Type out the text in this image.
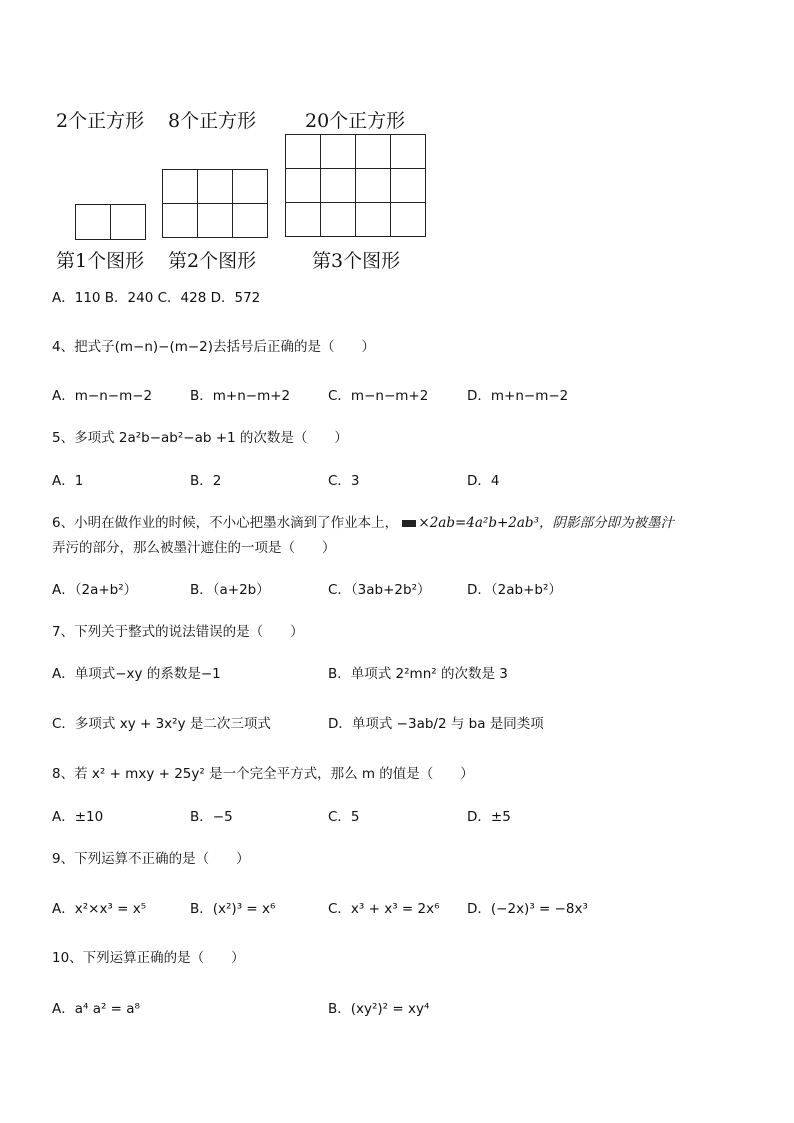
2个正方形 8个正方形	20个正方形

第1个图形 第2个图形	第3个图形
A．110 B．240 C．428 D．572
4、把式子(m−n)−(m−2)去括号后正确的是（　　）
A．m−n−m−2	B．m+n−m+2	C．m−n−m+2	D．m+n−m−2
5、多项式 2a²b−ab²−ab +1 的次数是（　　）
A．1	B．2	C．3	D．4
6、小明在做作业的时候，不小心把墨水滴到了作业本上， ×2ab=4a²b+2ab³，阴影部分即为被墨汁
弄污的部分，那么被墨汁遮住的一项是（　　）
A．（2a+b²）	B．（a+2b）	C．（3ab+2b²）	D．（2ab+b²）
7、下列关于整式的说法错误的是（　　）
A．单项式−xy 的系数是−1	B．单项式 2²mn² 的次数是 3
C．多项式 xy + 3x²y 是二次三项式	D．单项式 −3ab/2 与 ba 是同类项
8、若 x² + mxy + 25y² 是一个完全平方式，那么 m 的值是（　　）
A．±10	B．−5	C．5	D．±5
9、下列运算不正确的是（　　）
A．x²×x³ = x⁵	B．(x²)³ = x⁶	C．x³ + x³ = 2x⁶ D．(−2x)³ = −8x³
10、下列运算正确的是（　　）
A．a⁴ a² = a⁸	B．(xy²)² = xy⁴
